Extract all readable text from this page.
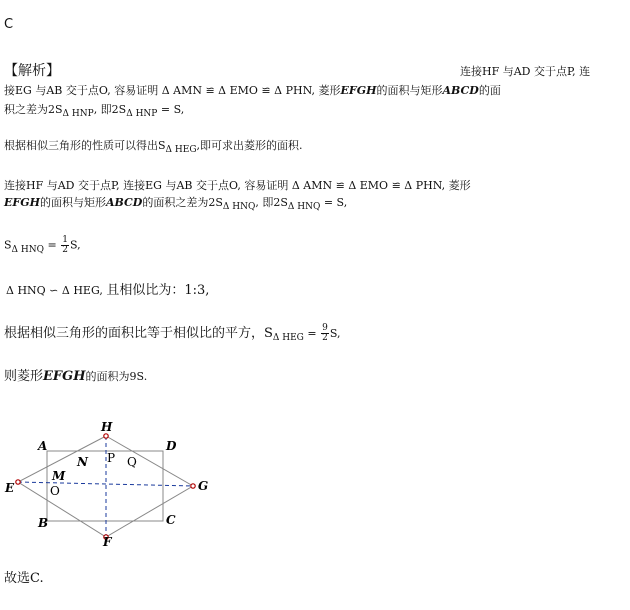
C
【解析】	连接HF 与AD 交于点P, 连
接EG 与AB 交于点O, 容易证明 Δ AMN ≌ Δ EMO ≌ Δ PHN, 菱形EFGH的面积与矩形ABCD的面
积之差为$2S_{\Delta HNP}$, 即$2S_{\Delta HNP} = S$,
根据相似三角形的性质可以得出$S_{\Delta HEG}$,即可求出菱形的面积.
连接HF 与AD 交于点P, 连接EG 与AB 交于点O, 容易证明 Δ AMN ≌ Δ EMO ≌ Δ PHN, 菱形
EFGH的面积与矩形ABCD的面积之差为$2S_{\Delta HNQ}$, 即$2S_{\Delta HNQ} = S$,
$S_{\Delta HNQ} = \frac{1}{2} S$,
Δ HNQ ∽ Δ HEG, 且相似比为：1:3,
根据相似三角形的面积比等于相似比的平方，$S_{\Delta HEG} = \frac{9}{2} S$,
则菱形EFGH的面积为9S.
H
A	D
N P Q
M
O
E	G
B	C
F
故选C.
